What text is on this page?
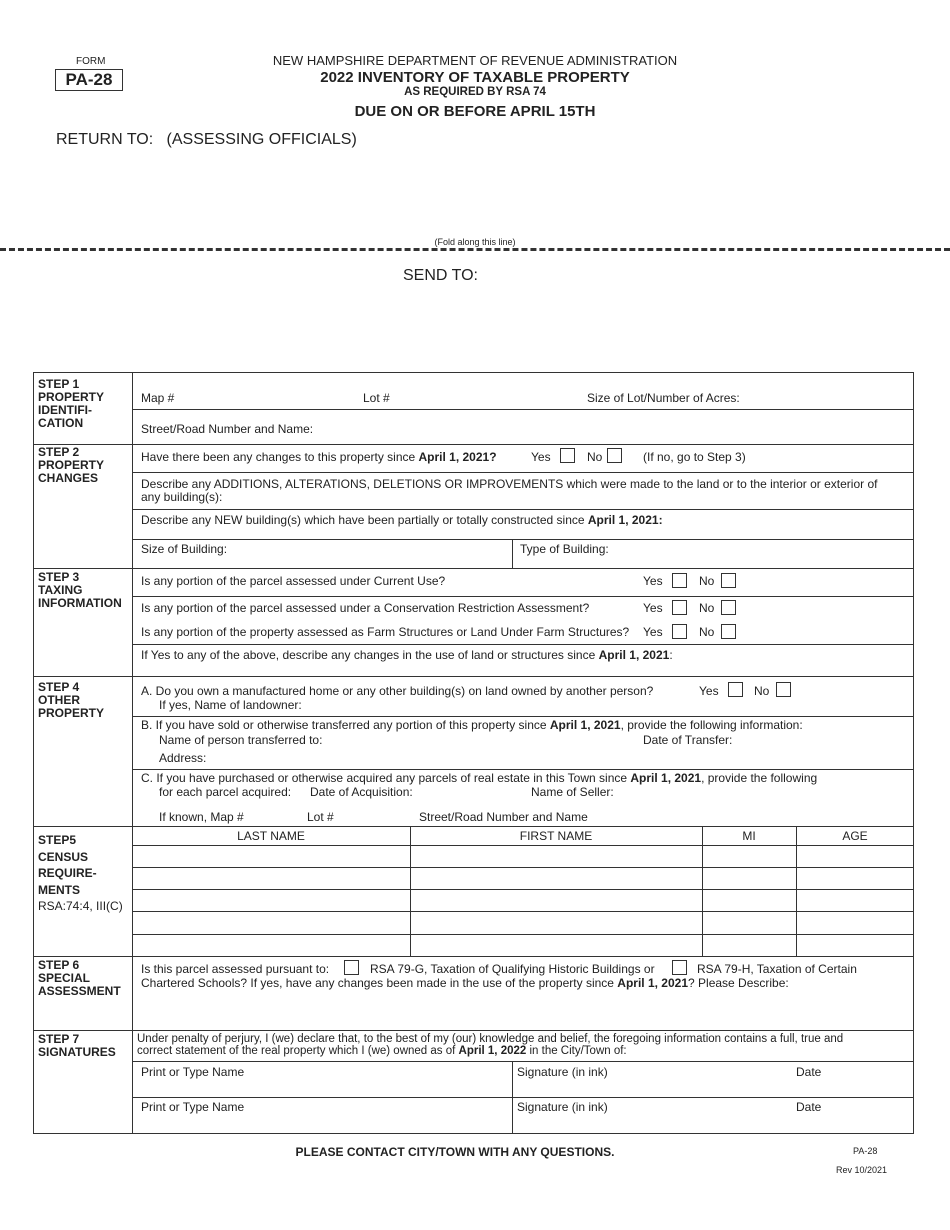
FORM
PA-28
NEW HAMPSHIRE DEPARTMENT OF REVENUE ADMINISTRATION
2022 INVENTORY OF TAXABLE PROPERTY
AS REQUIRED BY RSA 74
DUE ON OR BEFORE APRIL 15TH
RETURN TO:   (ASSESSING OFFICIALS)
(Fold along this line)
SEND TO:
STEP 1
PROPERTY
IDENTIFI-
CATION
Map #	Lot #	Size of Lot/Number of Acres:
Street/Road Number and Name:
STEP 2
PROPERTY
CHANGES
Have there been any changes to this property since April 1, 2021?	Yes	No	(If no, go to Step 3)
Describe any ADDITIONS, ALTERATIONS, DELETIONS OR IMPROVEMENTS which were made to the land or to the interior or exterior of
any building(s):
Describe any NEW building(s) which have been partially or totally constructed since April 1, 2021:
Size of Building:	Type of Building:
STEP 3
TAXING
INFORMATION
Is any portion of the parcel assessed under Current Use?	Yes	No
Is any portion of the parcel assessed under a Conservation Restriction Assessment?	Yes	No
Is any portion of the property assessed as Farm Structures or Land Under Farm Structures? Yes	No
If Yes to any of the above, describe any changes in the use of land or structures since April 1, 2021:
STEP 4
OTHER
PROPERTY
A. Do you own a manufactured home or any other building(s) on land owned by another person?	Yes	No
If yes, Name of landowner:
B. If you have sold or otherwise transferred any portion of this property since April 1, 2021, provide the following information:
Name of person transferred to:	Date of Transfer:
Address:
C. If you have purchased or otherwise acquired any parcels of real estate in this Town since April 1, 2021, provide the following
for each parcel acquired: Date of Acquisition:	Name of Seller:
If known, Map #	Lot #	Street/Road Number and Name
STEP5
CENSUS
REQUIRE-
MENTS
RSA:74:4, III(C)
LAST NAME	FIRST NAME	MI	AGE
STEP 6
SPECIAL
ASSESSMENT
Is this parcel assessed pursuant to:	RSA 79-G, Taxation of Qualifying Historic Buildings or	RSA 79-H, Taxation of Certain
Chartered Schools? If yes, have any changes been made in the use of the property since April 1, 2021? Please Describe:
STEP 7
SIGNATURES
Under penalty of perjury, I (we) declare that, to the best of my (our) knowledge and belief, the foregoing information contains a full, true and
correct statement of the real property which I (we) owned as of April 1, 2022 in the City/Town of:
Print or Type Name	Signature (in ink)	Date
Print or Type Name	Signature (in ink)	Date
PLEASE CONTACT CITY/TOWN WITH ANY QUESTIONS.	PA-28
Rev 10/2021
